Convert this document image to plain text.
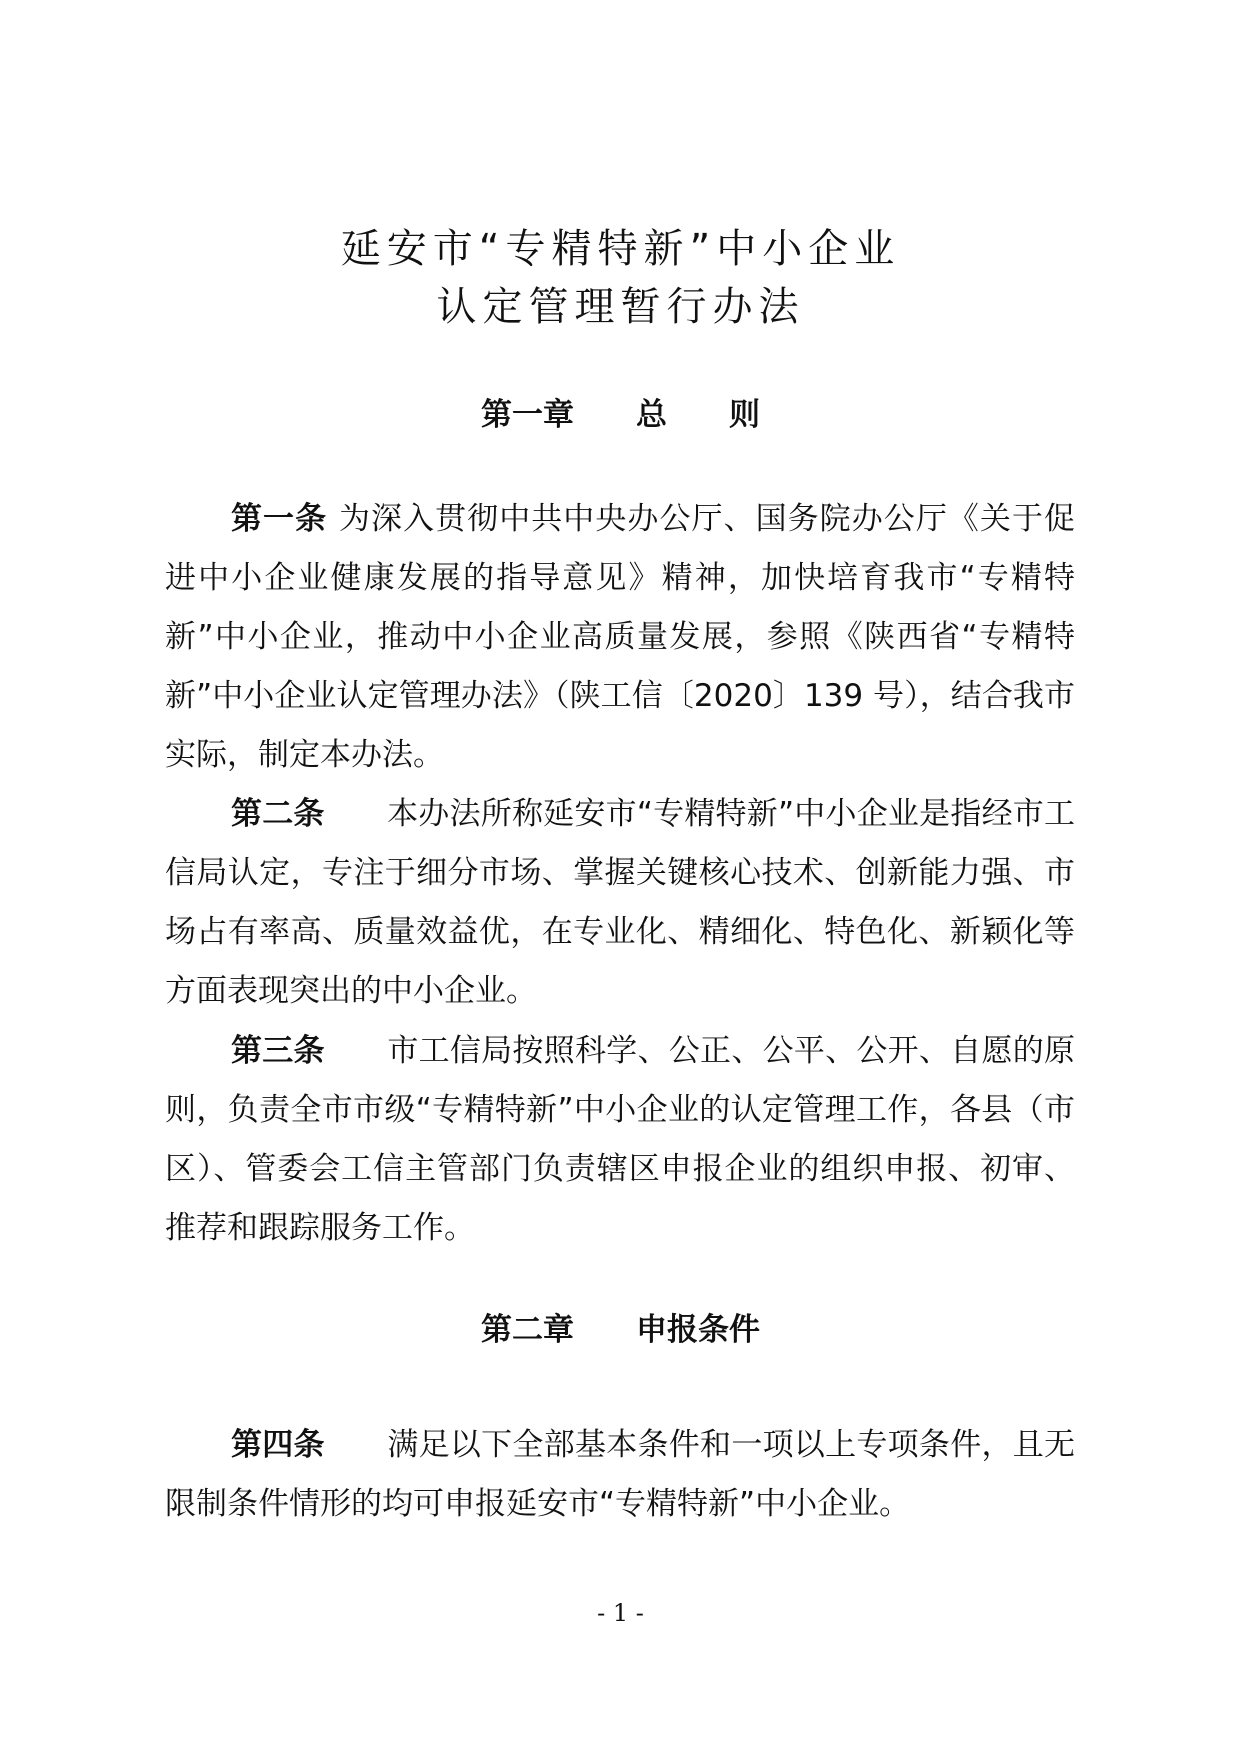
延安市“专精特新”中小企业
认定管理暂行办法
第一章　　总　　则

第一条 为深入贯彻中共中央办公厅、国务院办公厅《关于促进中小企业健康发展的指导意见》精神，加快培育我市“专精特新”中小企业，推动中小企业高质量发展，参照《陕西省“专精特新”中小企业认定管理办法》（陕工信〔2020〕139 号），结合我市实际，制定本办法。

第二条　　 本办法所称延安市“专精特新”中小企业是指经市工信局认定，专注于细分市场、掌握关键核心技术、创新能力强、市场占有率高、质量效益优，在专业化、精细化、特色化、新颖化等方面表现突出的中小企业。

第三条　　 市工信局按照科学、公正、公平、公开、自愿的原则，负责全市市级“专精特新”中小企业的认定管理工作，各县（市区）、管委会工信主管部门负责辖区申报企业的组织申报、初审、推荐和跟踪服务工作。

第二章　　申报条件

第四条　　 满足以下全部基本条件和一项以上专项条件，且无限制条件情形的均可申报延安市“专精特新”中小企业。

- 1 -
